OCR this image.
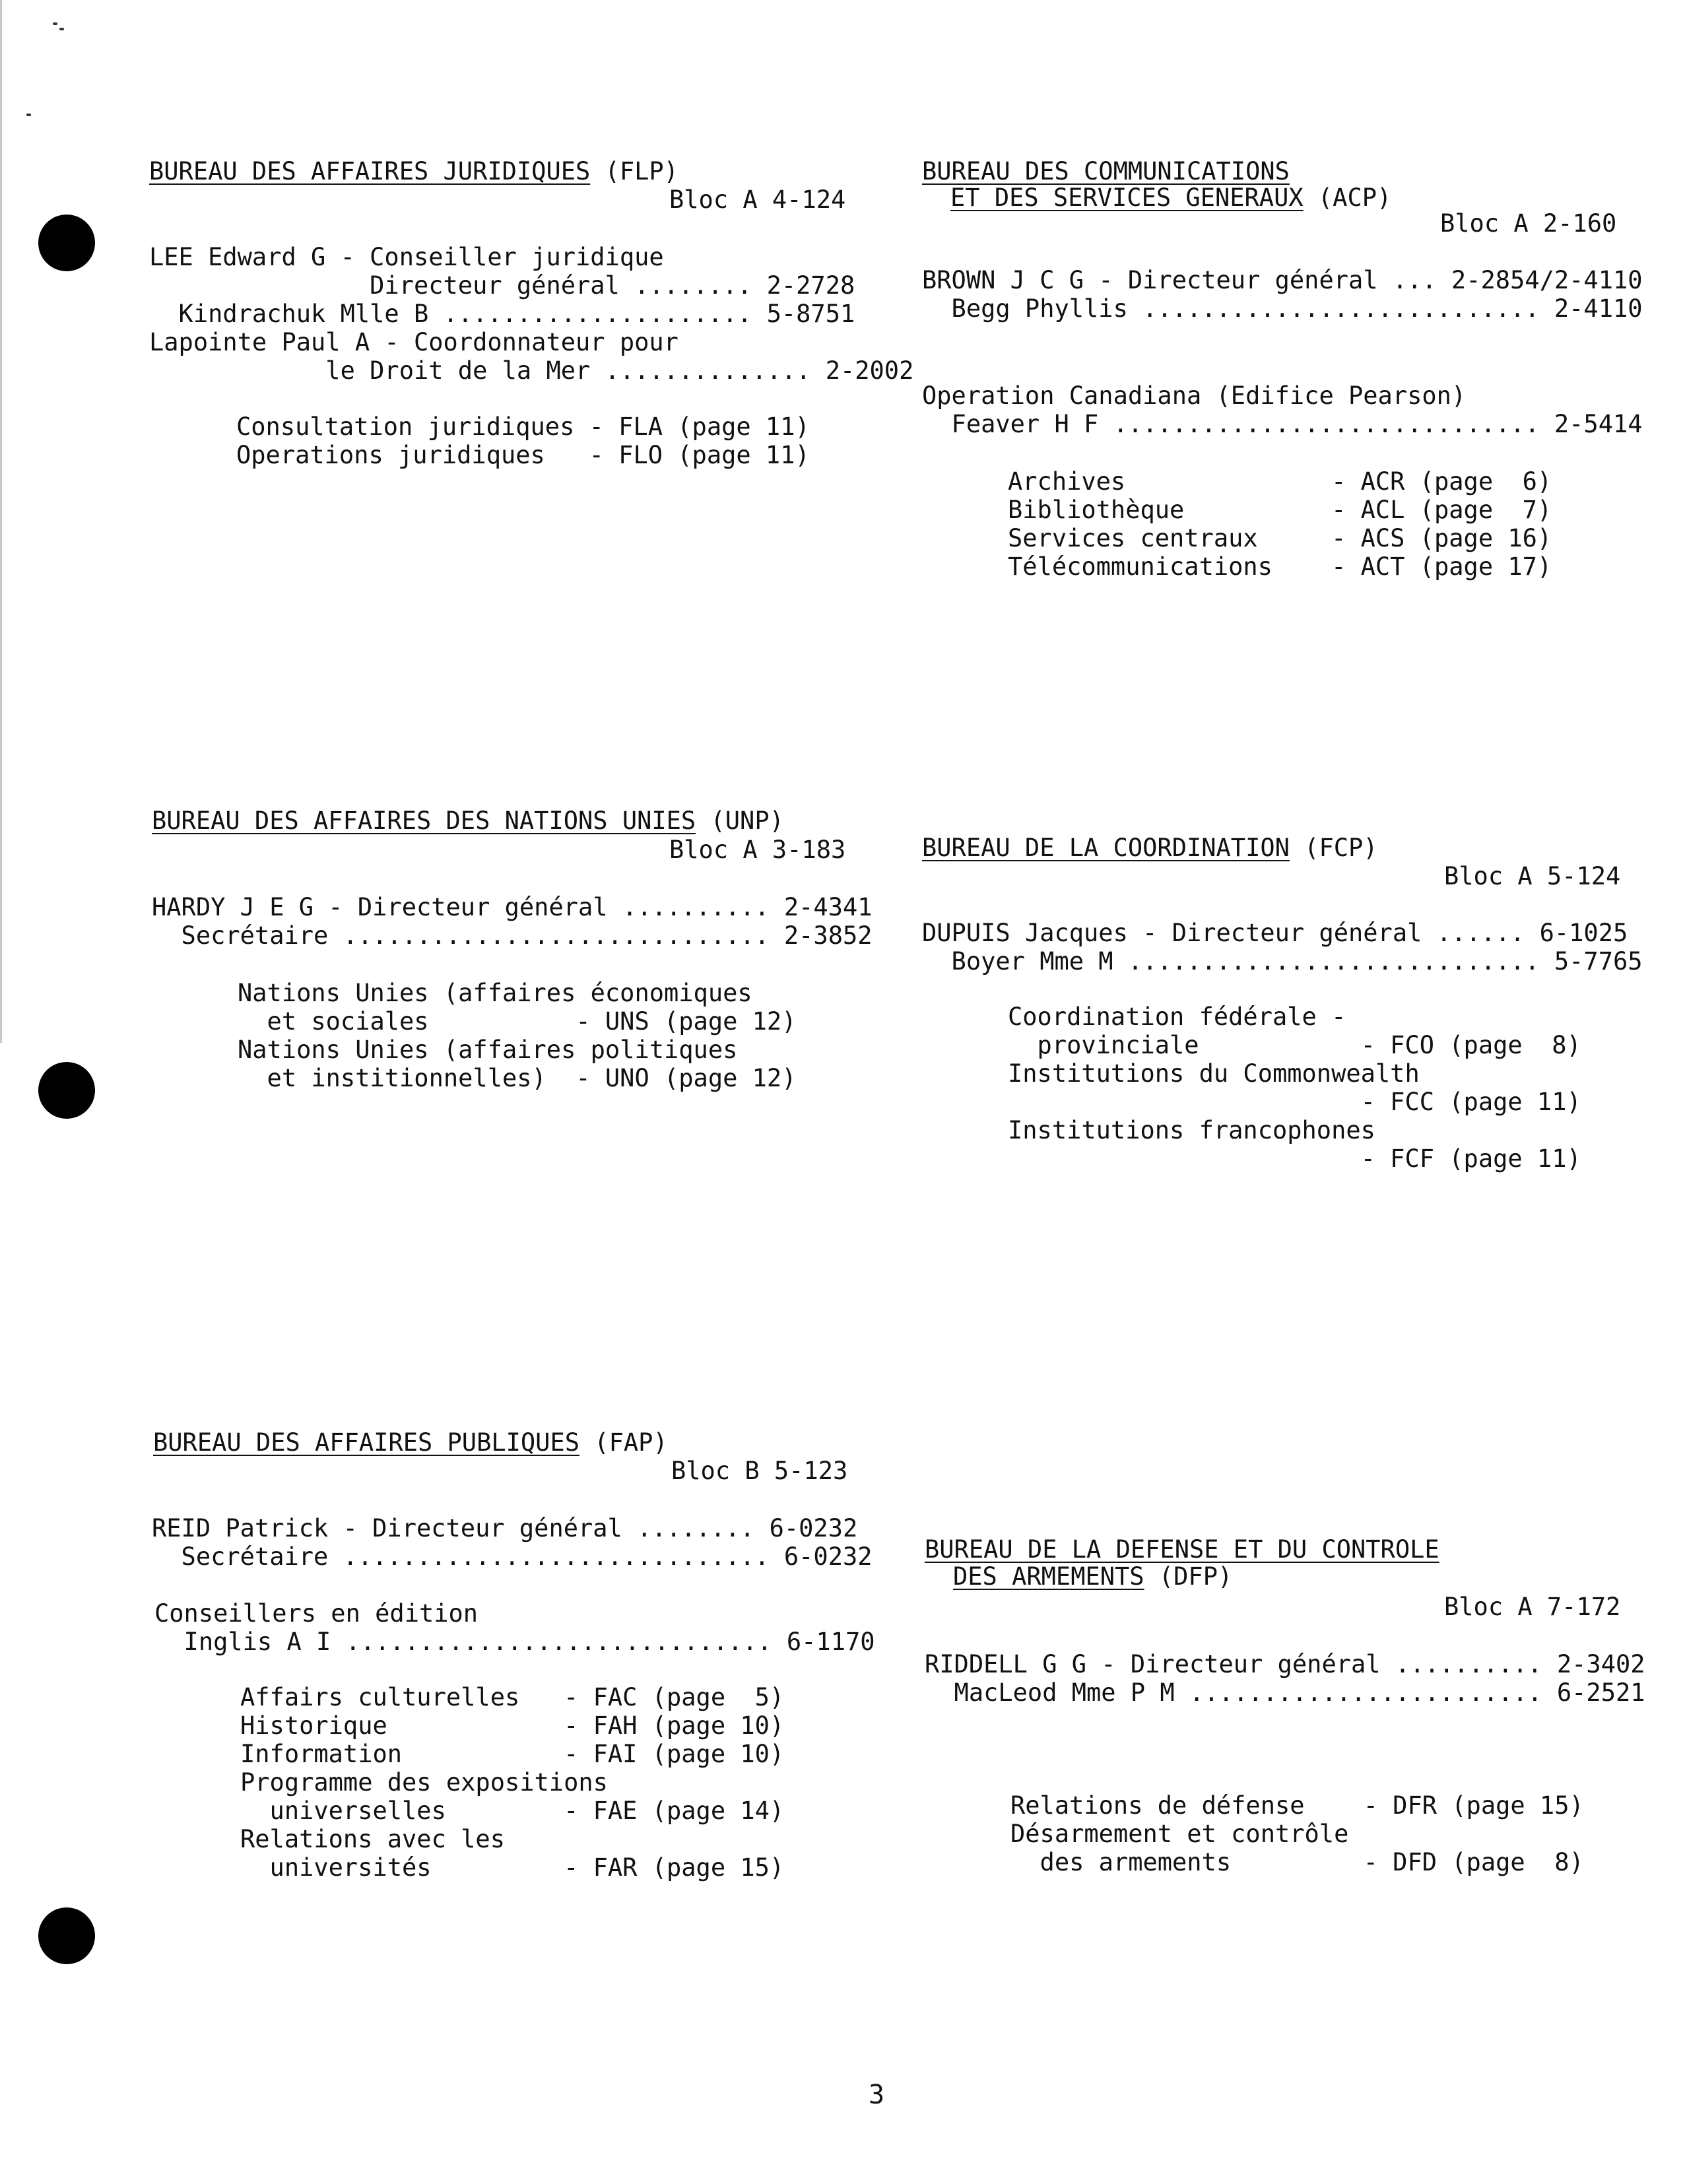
BUREAU DES AFFAIRES JURIDIQUES (FLP)
Bloc A 4-124
LEE Edward G - Conseiller juridique
Directeur général ........ 2-2728
Kindrachuk Mlle B ..................... 5-8751
Lapointe Paul A - Coordonnateur pour
le Droit de la Mer .............. 2-2002
Consultation juridiques - FLA (page 11)
Operations juridiques   - FLO (page 11)
BUREAU DES COMMUNICATIONS
ET DES SERVICES GENERAUX (ACP)
Bloc A 2-160
BROWN J C G - Directeur général ... 2-2854/2-4110
Begg Phyllis ........................... 2-4110
Operation Canadiana (Edifice Pearson)
Feaver H F ............................. 2-5414
Archives              - ACR (page  6)
Bibliothèque          - ACL (page  7)
Services centraux     - ACS (page 16)
Télécommunications    - ACT (page 17)
BUREAU DES AFFAIRES DES NATIONS UNIES (UNP)
Bloc A 3-183
HARDY J E G - Directeur général .......... 2-4341
Secrétaire ............................. 2-3852
Nations Unies (affaires économiques
et sociales          - UNS (page 12)
Nations Unies (affaires politiques
et institionnelles)  - UNO (page 12)
BUREAU DE LA COORDINATION (FCP)
Bloc A 5-124
DUPUIS Jacques - Directeur général ...... 6-1025
Boyer Mme M ............................ 5-7765
Coordination fédérale -
provinciale           - FCO (page  8)
Institutions du Commonwealth
- FCC (page 11)
Institutions francophones
- FCF (page 11)
BUREAU DES AFFAIRES PUBLIQUES (FAP)
Bloc B 5-123
REID Patrick - Directeur général ........ 6-0232
Secrétaire ............................. 6-0232
Conseillers en édition
Inglis A I ............................. 6-1170
Affairs culturelles   - FAC (page  5)
Historique            - FAH (page 10)
Information           - FAI (page 10)
Programme des expositions
universelles        - FAE (page 14)
Relations avec les
universités         - FAR (page 15)
BUREAU DE LA DEFENSE ET DU CONTROLE
DES ARMEMENTS (DFP)
Bloc A 7-172
RIDDELL G G - Directeur général .......... 2-3402
MacLeod Mme P M ........................ 6-2521
Relations de défense    - DFR (page 15)
Désarmement et contrôle
des armements         - DFD (page  8)
3
